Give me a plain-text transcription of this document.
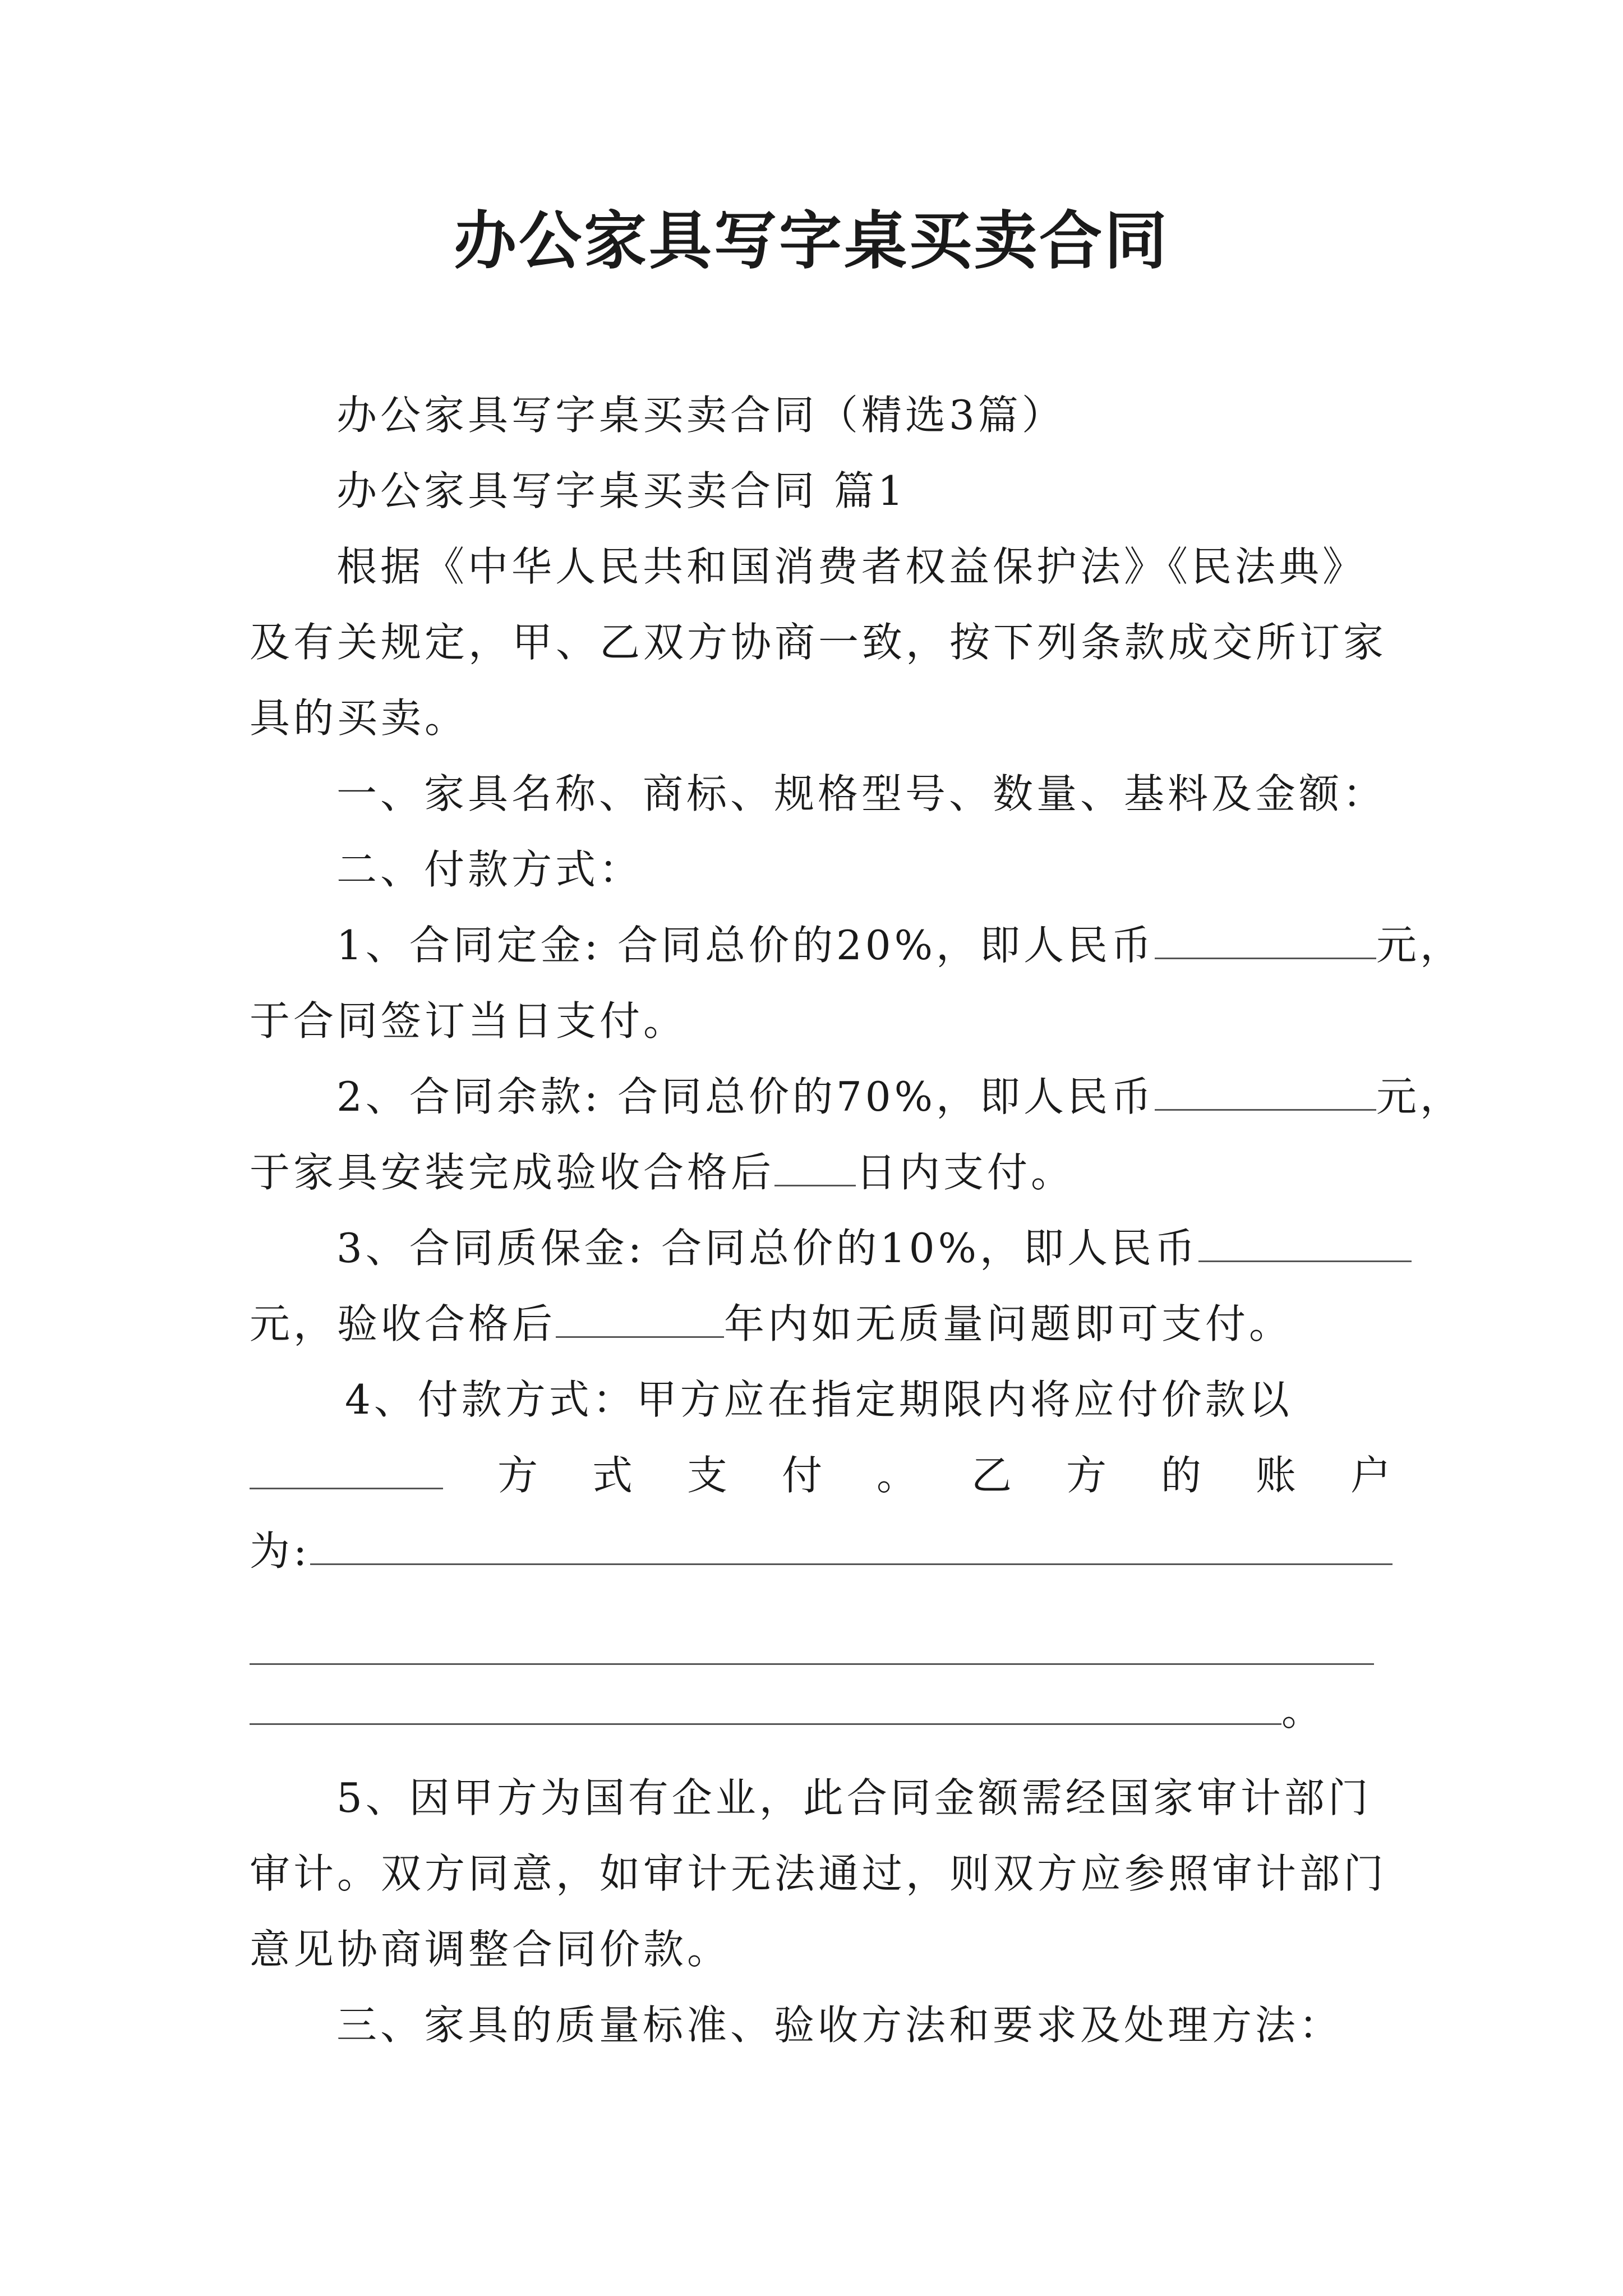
办公家具写字桌买卖合同
办公家具写字桌买卖合同（精选3篇）
办公家具写字桌买卖合同 篇1
根据《中华人民共和国消费者权益保护法》《民法典》
及有关规定，甲、乙双方协商一致，按下列条款成交所订家
具的买卖。
一、家具名称、商标、规格型号、数量、基料及金额：
二、付款方式：
1、合同定金: 合同总价的20%，即人民币	元，
于合同签订当日支付。
2、合同余款: 合同总价的70%，即人民币	元，
于家具安装完成验收合格后 日内支付。
3、合同质保金: 合同总价的10%，即人民币
元，验收合格后	年内如无质量问题即可支付。
4、付款方式：甲方应在指定期限内将应付价款以
方 式 支 付 。 乙 方 的 账 户
为:
。
5、因甲方为国有企业，此合同金额需经国家审计部门
审计。双方同意，如审计无法通过，则双方应参照审计部门
意见协商调整合同价款。
三、家具的质量标准、验收方法和要求及处理方法：
